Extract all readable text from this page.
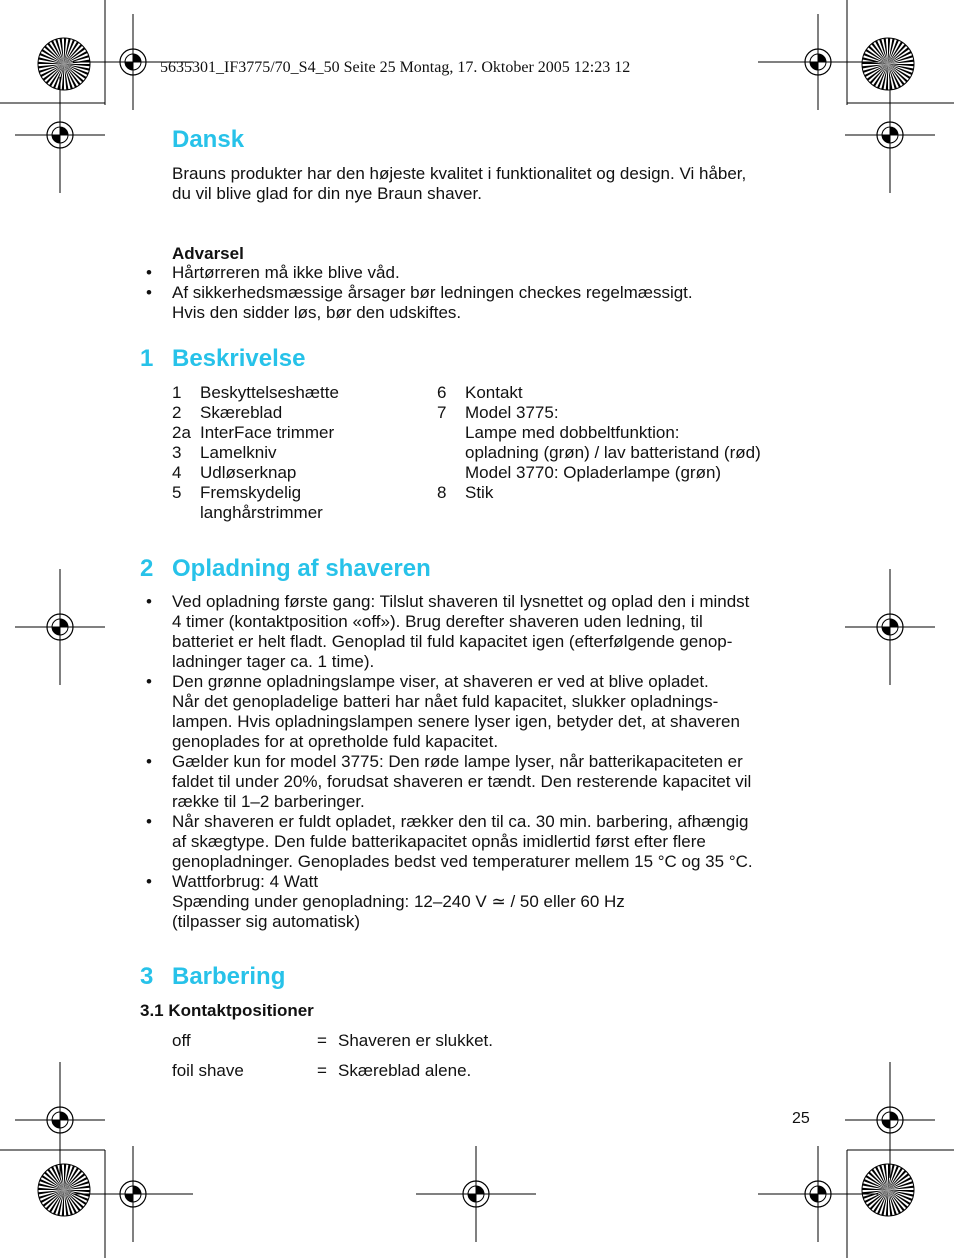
5635301_IF3775/70_S4_50 Seite 25 Montag, 17. Oktober 2005 12:23 12
Dansk
Brauns produkter har den højeste kvalitet i funktionalitet og design. Vi håber,
du vil blive glad for din nye Braun shaver.
Advarsel
•	Hårtørreren må ikke blive våd.
•	Af sikkerhedsmæssige årsager bør ledningen checkes regelmæssigt.
Hvis den sidder løs, bør den udskiftes.
1 Beskrivelse
1	Beskyttelseshætte
2	Skæreblad
2a InterFace trimmer
3	Lamelkniv
4	Udløserknap
5	Fremskydelig
langhårstrimmer
6	Kontakt
7	Model 3775:
Lampe med dobbeltfunktion:
opladning (grøn) / lav batteristand (rød)
Model 3770: Opladerlampe (grøn)
8	Stik
2 Opladning af shaveren
•	Ved opladning første gang: Tilslut shaveren til lysnettet og oplad den i mindst
4 timer (kontaktposition «off»). Brug derefter shaveren uden ledning, til
batteriet er helt fladt. Genoplad til fuld kapacitet igen (efterfølgende genop-
ladninger tager ca. 1 time).
•	Den grønne opladningslampe viser, at shaveren er ved at blive opladet.
Når det genopladelige batteri har nået fuld kapacitet, slukker opladnings-
lampen. Hvis opladningslampen senere lyser igen, betyder det, at shaveren
genoplades for at opretholde fuld kapacitet.
•	Gælder kun for model 3775: Den røde lampe lyser, når batterikapaciteten er
faldet til under 20%, forudsat shaveren er tændt. Den resterende kapacitet vil
række til 1–2 barberinger.
•	Når shaveren er fuldt opladet, rækker den til ca. 30 min. barbering, afhængig
af skægtype. Den fulde batterikapacitet opnås imidlertid først efter flere
genopladninger. Genoplades bedst ved temperaturer mellem 15 °C og 35 °C.
•	Wattforbrug: 4 Watt
Spænding under genopladning: 12–240 V ≃ / 50 eller 60 Hz
(tilpasser sig automatisk)
3 Barbering
3.1 Kontaktpositioner
off	= Shaveren er slukket.
foil shave	= Skæreblad alene.
25
